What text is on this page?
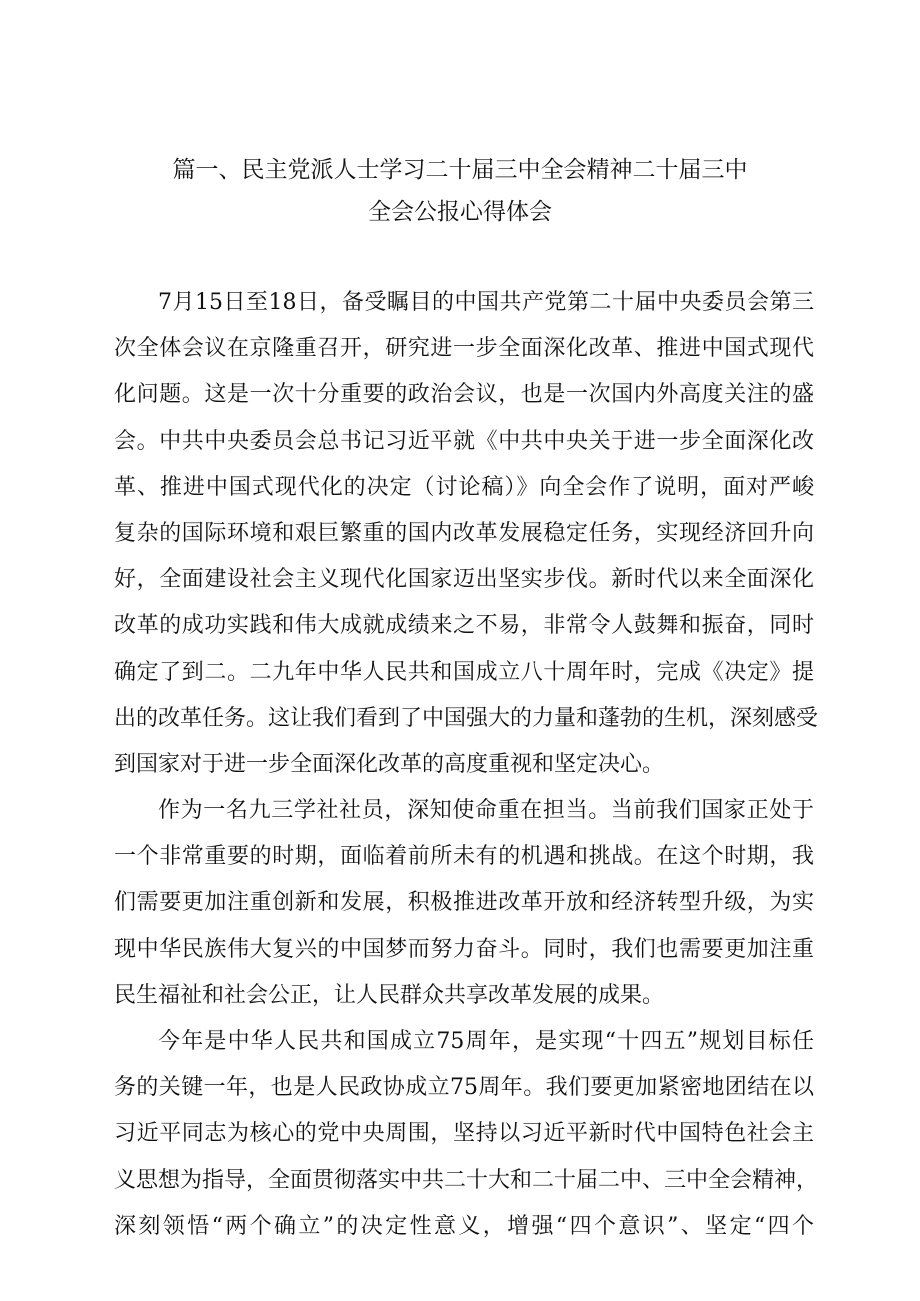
篇一、民主党派人士学习二十届三中全会精神二十届三中
全会公报心得体会
7月15日至18日，备受瞩目的中国共产党第二十届中央委员会第三
次全体会议在京隆重召开，研究进一步全面深化改革、推进中国式现代
化问题。这是一次十分重要的政治会议，也是一次国内外高度关注的盛
会。中共中央委员会总书记习近平就《中共中央关于进一步全面深化改
革、推进中国式现代化的决定（讨论稿）》向全会作了说明，面对严峻
复杂的国际环境和艰巨繁重的国内改革发展稳定任务，实现经济回升向
好，全面建设社会主义现代化国家迈出坚实步伐。新时代以来全面深化
改革的成功实践和伟大成就成绩来之不易，非常令人鼓舞和振奋，同时
确定了到二。二九年中华人民共和国成立八十周年时，完成《决定》提
出的改革任务。这让我们看到了中国强大的力量和蓬勃的生机，深刻感受
到国家对于进一步全面深化改革的高度重视和坚定决心。
作为一名九三学社社员，深知使命重在担当。当前我们国家正处于
一个非常重要的时期，面临着前所未有的机遇和挑战。在这个时期，我
们需要更加注重创新和发展，积极推进改革开放和经济转型升级，为实
现中华民族伟大复兴的中国梦而努力奋斗。同时，我们也需要更加注重
民生福祉和社会公正，让人民群众共享改革发展的成果。
今年是中华人民共和国成立75周年，是实现“十四五”规划目标任
务的关键一年，也是人民政协成立75周年。我们要更加紧密地团结在以
习近平同志为核心的党中央周围，坚持以习近平新时代中国特色社会主
义思想为指导，全面贯彻落实中共二十大和二十届二中、三中全会精神，
深刻领悟“两个确立”的决定性意义，增强“四个意识”、坚定“四个
